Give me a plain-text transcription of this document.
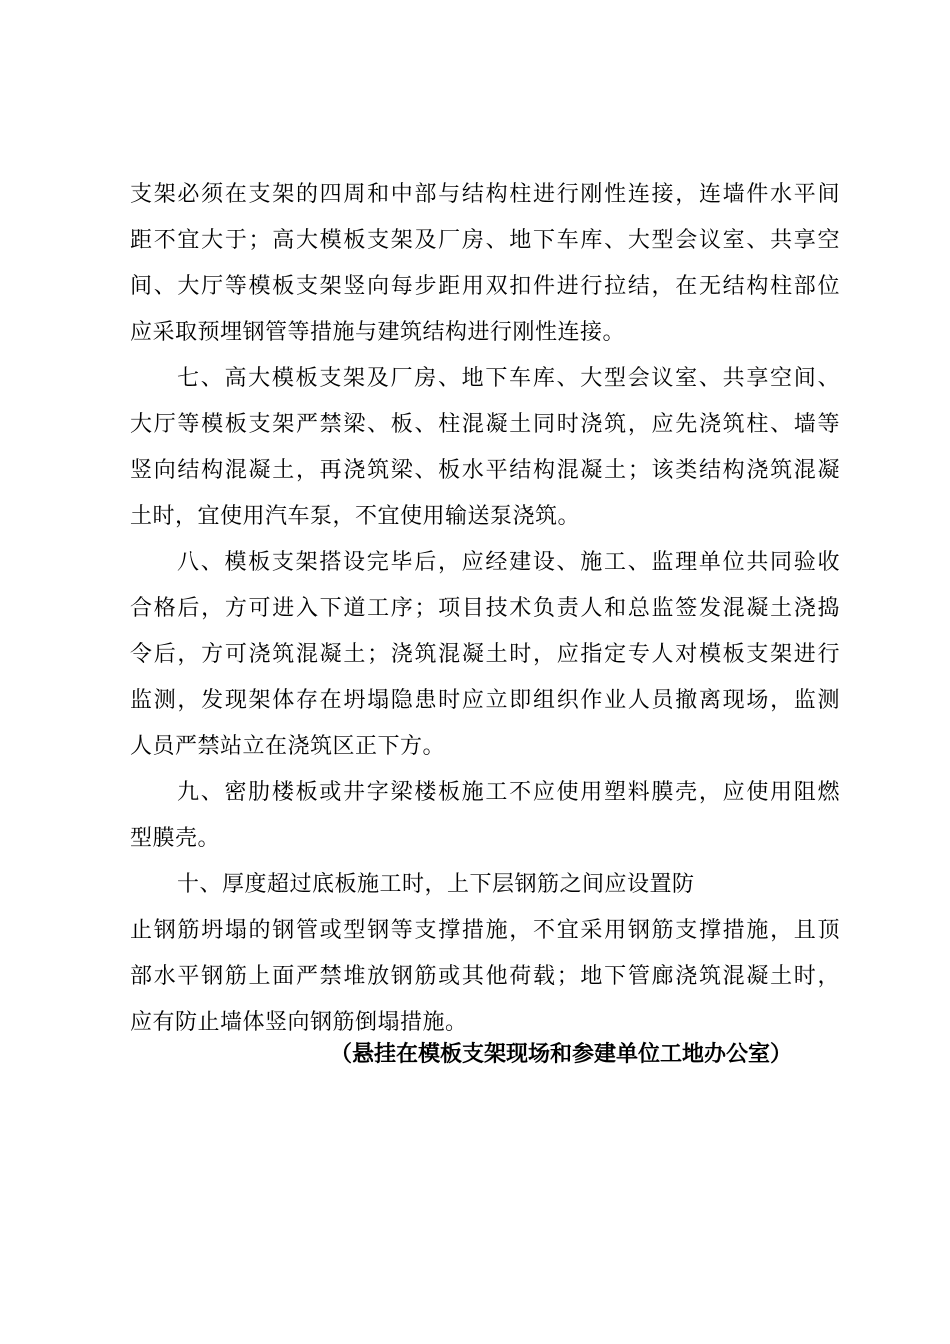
支架必须在支架的四周和中部与结构柱进行刚性连接，连墙件水平间
距不宜大于；高大模板支架及厂房、地下车库、大型会议室、共享空
间、大厅等模板支架竖向每步距用双扣件进行拉结，在无结构柱部位
应采取预埋钢管等措施与建筑结构进行刚性连接。
七、高大模板支架及厂房、地下车库、大型会议室、共享空间、
大厅等模板支架严禁梁、板、柱混凝土同时浇筑，应先浇筑柱、墙等
竖向结构混凝土，再浇筑梁、板水平结构混凝土；该类结构浇筑混凝
土时，宜使用汽车泵，不宜使用输送泵浇筑。
八、模板支架搭设完毕后，应经建设、施工、监理单位共同验收
合格后，方可进入下道工序；项目技术负责人和总监签发混凝土浇捣
令后，方可浇筑混凝土；浇筑混凝土时，应指定专人对模板支架进行
监测，发现架体存在坍塌隐患时应立即组织作业人员撤离现场，监测
人员严禁站立在浇筑区正下方。
九、密肋楼板或井字梁楼板施工不应使用塑料膜壳，应使用阻燃
型膜壳。
十、厚度超过底板施工时，上下层钢筋之间应设置防
止钢筋坍塌的钢管或型钢等支撑措施，不宜采用钢筋支撑措施，且顶
部水平钢筋上面严禁堆放钢筋或其他荷载；地下管廊浇筑混凝土时，
应有防止墙体竖向钢筋倒塌措施。
（悬挂在模板支架现场和参建单位工地办公室）
